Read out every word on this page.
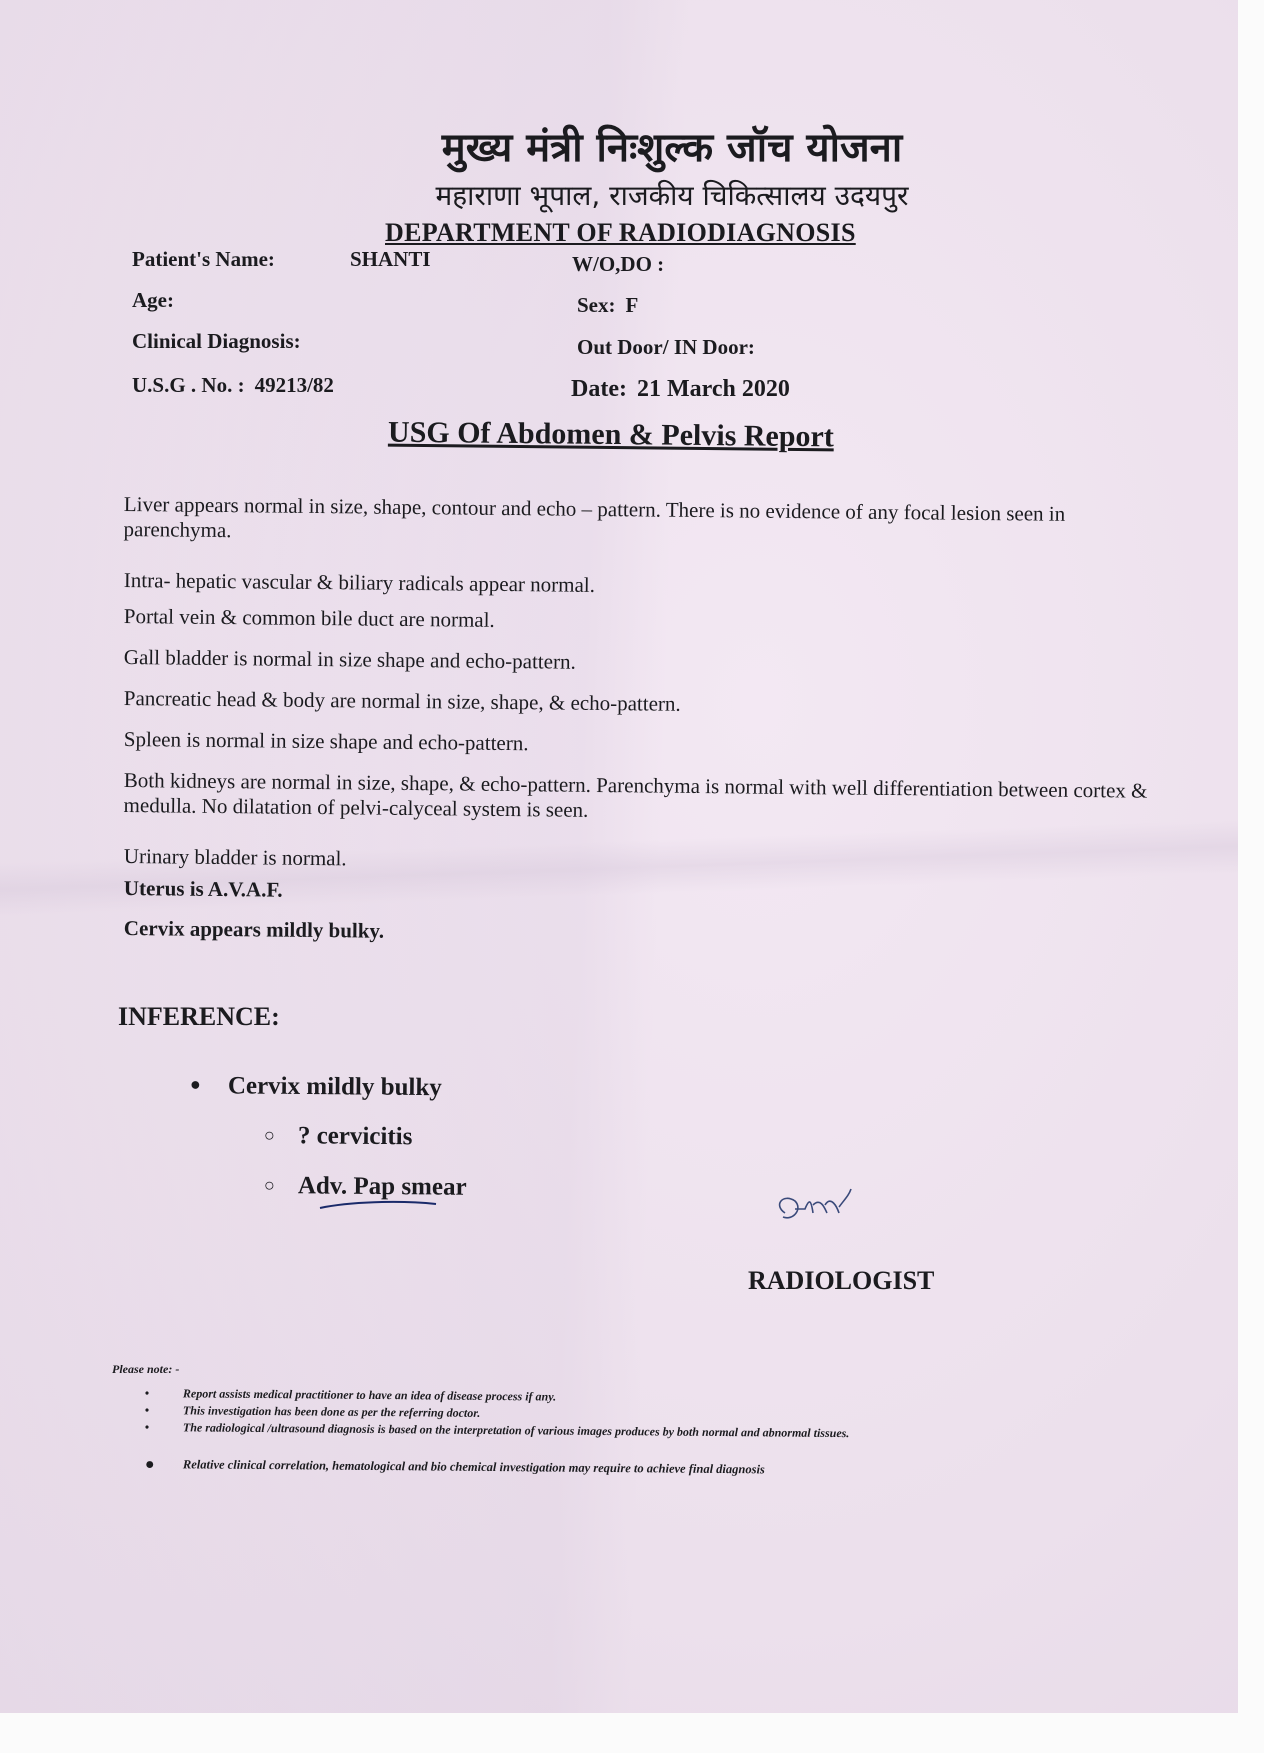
मुख्य मंत्री निःशुल्क जॉच योजना
महाराणा भूपाल, राजकीय चिकित्सालय उदयपुर
DEPARTMENT OF RADIODIAGNOSIS
Patient's Name:	SHANTI	W/O,DO :
Age:	Sex: F
Clinical Diagnosis:	Out Door/ IN Door:
U.S.G . No. : 49213/82	Date: 21 March 2020
USG Of Abdomen & Pelvis Report
Liver appears normal in size, shape, contour and echo – pattern. There is no evidence of any focal lesion seen in parenchyma.
Intra- hepatic vascular & biliary radicals appear normal.
Portal vein & common bile duct are normal.
Gall bladder is normal in size shape and echo-pattern.
Pancreatic head & body are normal in size, shape, & echo-pattern.
Spleen is normal in size shape and echo-pattern.
Both kidneys are normal in size, shape, & echo-pattern. Parenchyma is normal with well differentiation between cortex & medulla. No dilatation of pelvi-calyceal system is seen.
Urinary bladder is normal.
Uterus is A.V.A.F.
Cervix appears mildly bulky.
INFERENCE:
● Cervix mildly bulky
○ ? cervicitis
○ Adv. Pap smear
RADIOLOGIST
Please note: -
•	Report assists medical practitioner to have an idea of disease process if any.
•	This investigation has been done as per the referring doctor.
•	The radiological /ultrasound diagnosis is based on the interpretation of various images produces by both normal and abnormal tissues.
● Relative clinical correlation, hematological and bio chemical investigation may require to achieve final diagnosis
